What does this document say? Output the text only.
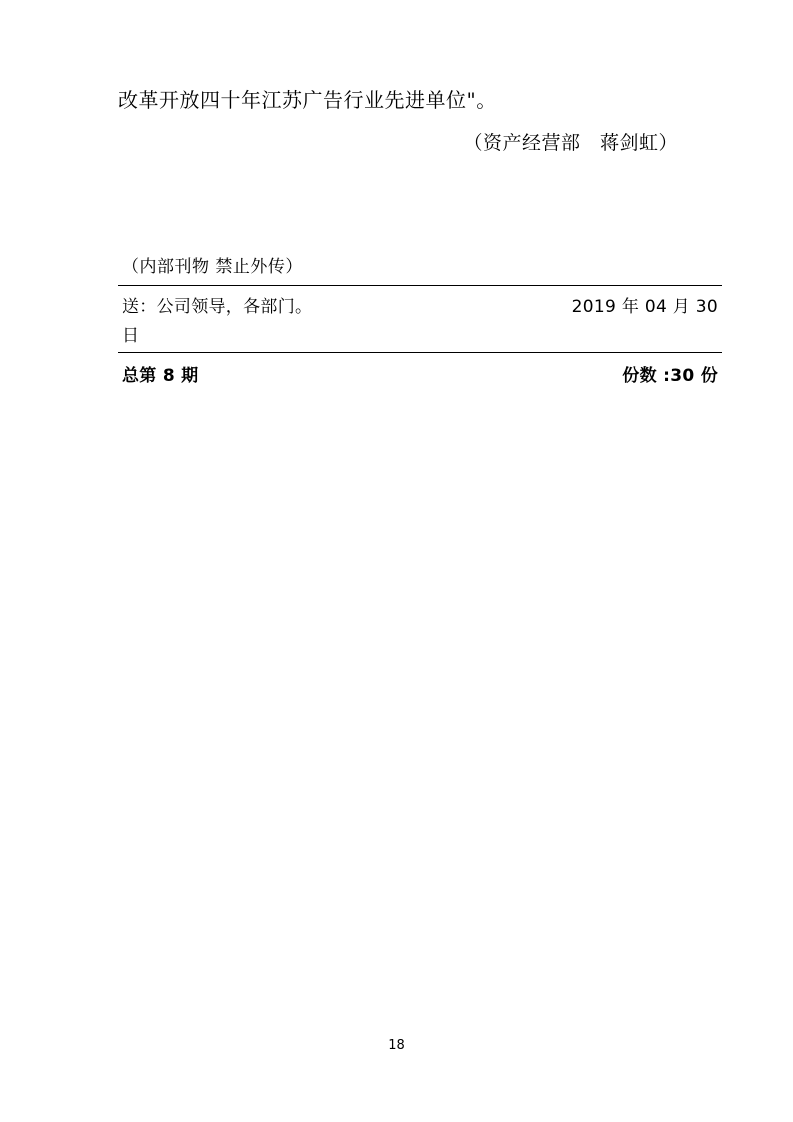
改革开放四十年江苏广告行业先进单位"。
（资产经营部　蒋剑虹）
（内部刊物 禁止外传）
送：公司领导，各部门。	2019 年 04 月 30
日
总第 8 期	份数 :30 份
18
